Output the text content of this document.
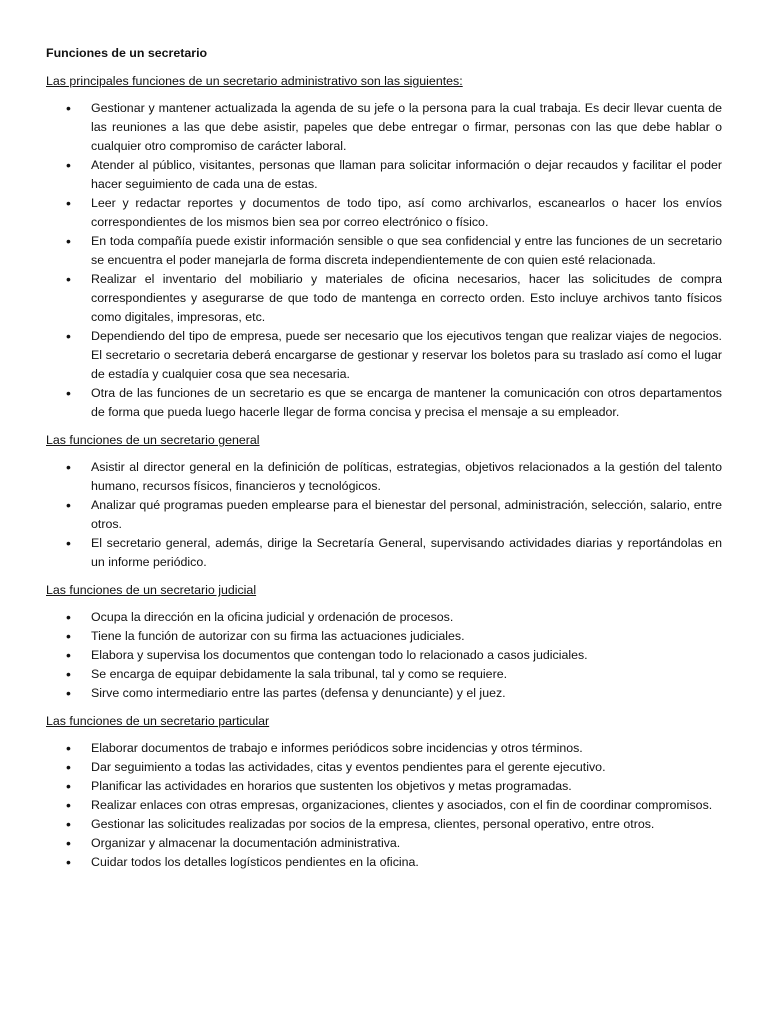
Funciones de un secretario

Las principales funciones de un secretario administrativo son las siguientes:

• Gestionar y mantener actualizada la agenda de su jefe o la persona para la cual trabaja. Es decir llevar cuenta de las reuniones a las que debe asistir, papeles que debe entregar o firmar, personas con las que debe hablar o cualquier otro compromiso de carácter laboral.
• Atender al público, visitantes, personas que llaman para solicitar información o dejar recaudos y facilitar el poder hacer seguimiento de cada una de estas.
• Leer y redactar reportes y documentos de todo tipo, así como archivarlos, escanearlos o hacer los envíos correspondientes de los mismos bien sea por correo electrónico o físico.
• En toda compañía puede existir información sensible o que sea confidencial y entre las funciones de un secretario se encuentra el poder manejarla de forma discreta independientemente de con quien esté relacionada.
• Realizar el inventario del mobiliario y materiales de oficina necesarios, hacer las solicitudes de compra correspondientes y asegurarse de que todo de mantenga en correcto orden. Esto incluye archivos tanto físicos como digitales, impresoras, etc.
• Dependiendo del tipo de empresa, puede ser necesario que los ejecutivos tengan que realizar viajes de negocios. El secretario o secretaria deberá encargarse de gestionar y reservar los boletos para su traslado así como el lugar de estadía y cualquier cosa que sea necesaria.
• Otra de las funciones de un secretario es que se encarga de mantener la comunicación con otros departamentos de forma que pueda luego hacerle llegar de forma concisa y precisa el mensaje a su empleador.

Las funciones de un secretario general

• Asistir al director general en la definición de políticas, estrategias, objetivos relacionados a la gestión del talento humano, recursos físicos, financieros y tecnológicos.
• Analizar qué programas pueden emplearse para el bienestar del personal, administración, selección, salario, entre otros.
• El secretario general, además, dirige la Secretaría General, supervisando actividades diarias y reportándolas en un informe periódico.

Las funciones de un secretario judicial

• Ocupa la dirección en la oficina judicial y ordenación de procesos.
• Tiene la función de autorizar con su firma las actuaciones judiciales.
• Elabora y supervisa los documentos que contengan todo lo relacionado a casos judiciales.
• Se encarga de equipar debidamente la sala tribunal, tal y como se requiere.
• Sirve como intermediario entre las partes (defensa y denunciante) y el juez.

Las funciones de un secretario particular

• Elaborar documentos de trabajo e informes periódicos sobre incidencias y otros términos.
• Dar seguimiento a todas las actividades, citas y eventos pendientes para el gerente ejecutivo.
• Planificar las actividades en horarios que sustenten los objetivos y metas programadas.
• Realizar enlaces con otras empresas, organizaciones, clientes y asociados, con el fin de coordinar compromisos.
• Gestionar las solicitudes realizadas por socios de la empresa, clientes, personal operativo, entre otros.
• Organizar y almacenar la documentación administrativa.
• Cuidar todos los detalles logísticos pendientes en la oficina.
